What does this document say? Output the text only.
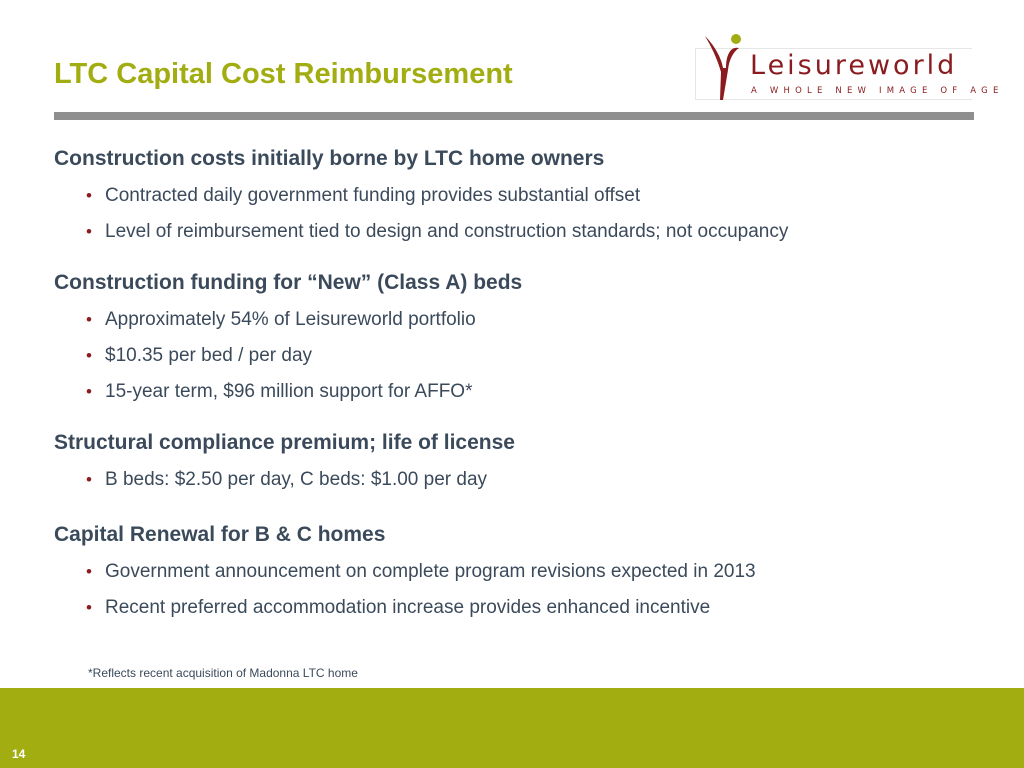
LTC Capital Cost Reimbursement	Leisureworld
A WHOLE NEW IMAGE OF AGE

Construction costs initially borne by LTC home owners

• Contracted daily government funding provides substantial offset
• Level of reimbursement tied to design and construction standards; not occupancy

Construction funding for “New” (Class A) beds

• Approximately 54% of Leisureworld portfolio
• $10.35 per bed / per day
• 15-year term, $96 million support for AFFO*

Structural compliance premium; life of license

• B beds: $2.50 per day, C beds: $1.00 per day

Capital Renewal for B & C homes

• Government announcement on complete program revisions expected in 2013
• Recent preferred accommodation increase provides enhanced incentive
*Reflects recent acquisition of Madonna LTC home
14
